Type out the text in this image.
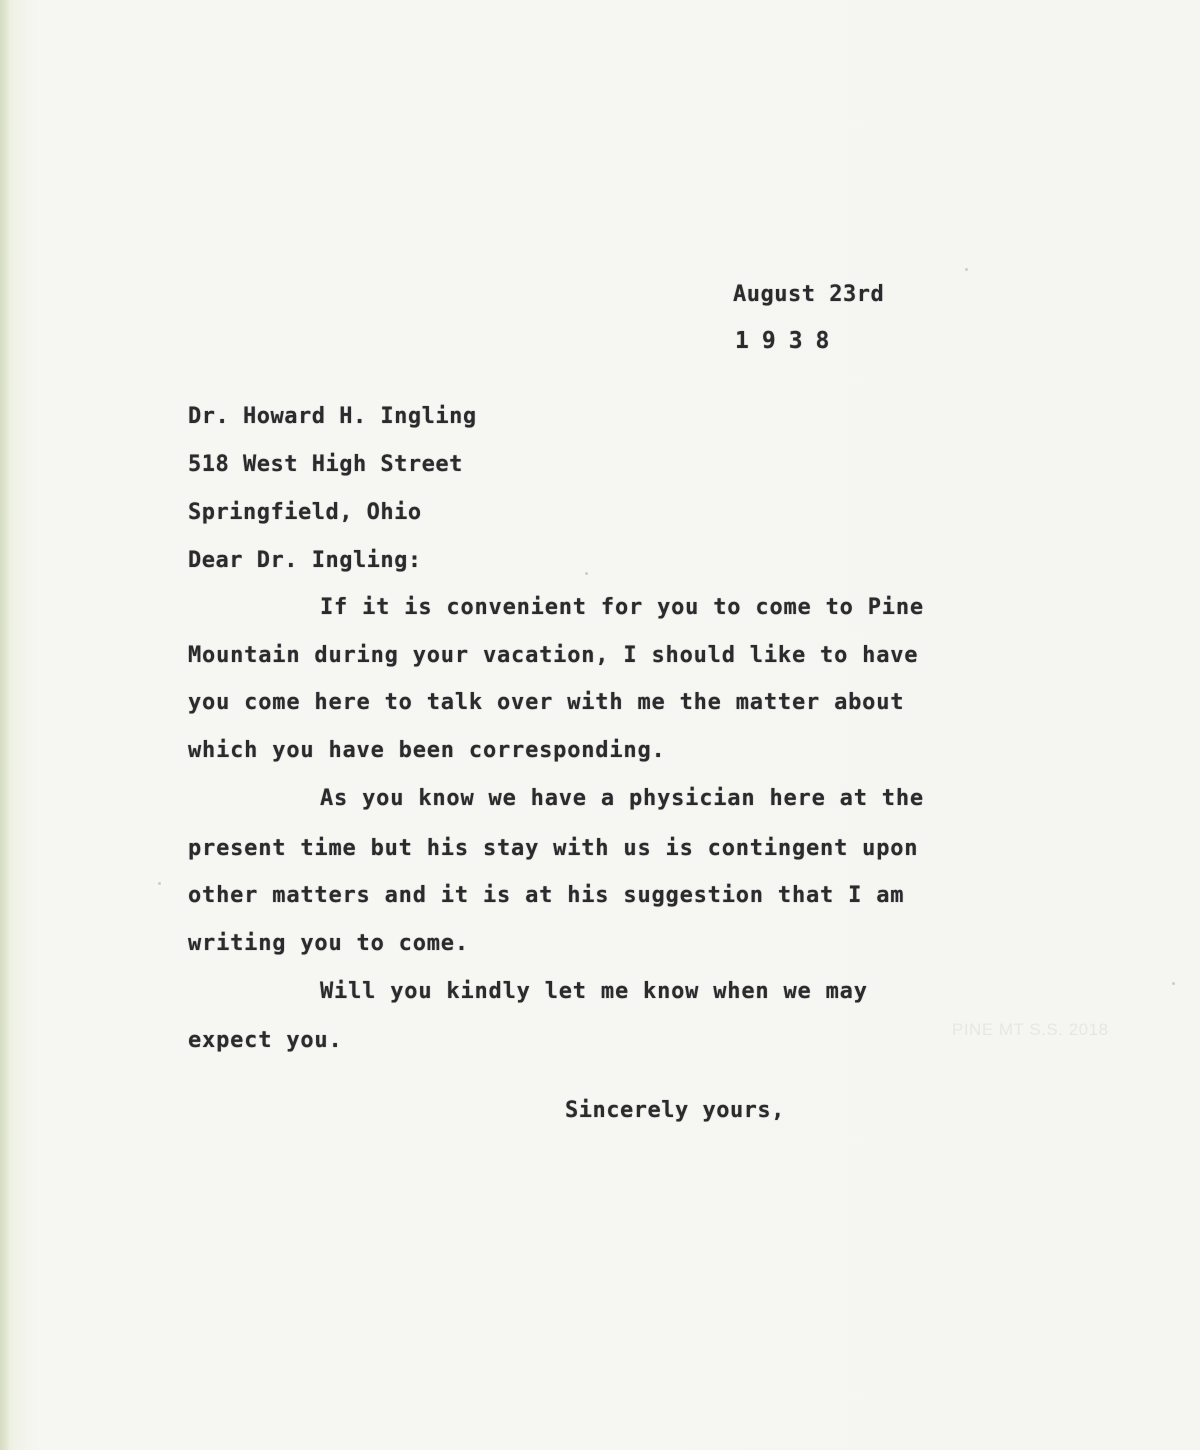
August 23rd

1938

Dr. Howard H. Ingling

518 West High Street

Springfield, Ohio

Dear Dr. Ingling:

If it is convenient for you to come to Pine

Mountain during your vacation, I should like to have

you come here to talk over with me the matter about

which you have been corresponding.

As you know we have a physician here at the

present time but his stay with us is contingent upon

other matters and it is at his suggestion that I am

writing you to come.

Will you kindly let me know when we may

expect you.

Sincerely yours,

PINE MT S.S. 2018
